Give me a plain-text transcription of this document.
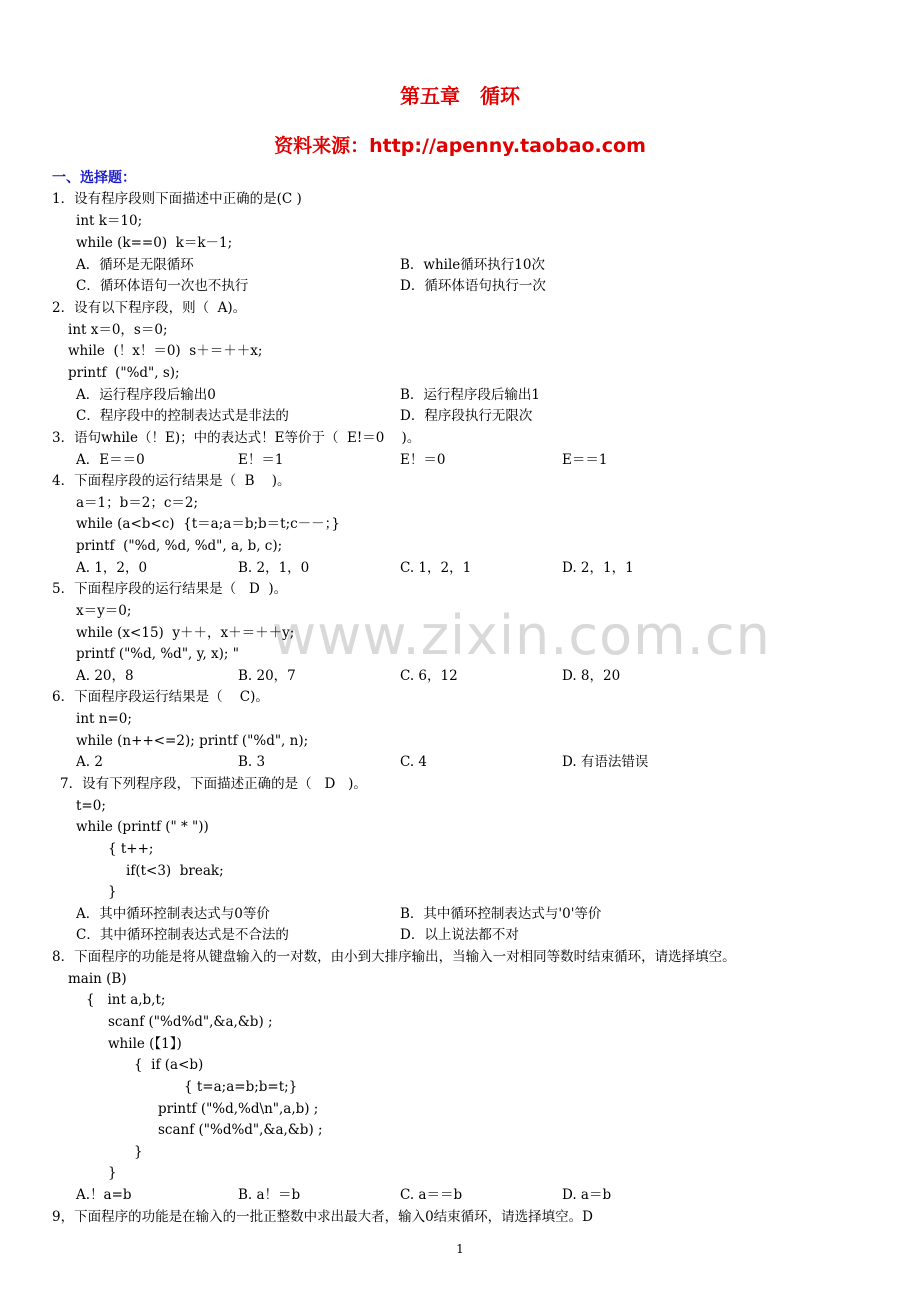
第五章　循环
资料来源：http://apenny.taobao.com
一、选择题：
www.zixin.com.cn
1．设有程序段则下面描述中正确的是(C )
int k＝10;
while (k==0)  k＝k－1;
A．循环是无限循环	B．while循环执行10次
C．循环体语句一次也不执行	D．循环体语句执行一次
2．设有以下程序段，则（  A)。
int x＝0，s＝0;
while  (！x！＝0)  s＋＝＋＋x;
printf  ("%d", s);
A．运行程序段后输出0	B．运行程序段后输出1
C．程序段中的控制表达式是非法的	D．程序段执行无限次
3．语句while（！E)；中的表达式！E等价于（  E!＝0    )。
A．E＝＝0	E！＝1	E！＝0	E＝＝1
4．下面程序段的运行结果是（  B    )。
a＝1；b＝2；c＝2;
while (a<b<c)  {t＝a;a＝b;b＝t;c－－；}
printf  ("%d, %d, %d", a, b, c);
A. 1，2，0	B. 2，1，0	C. 1，2，1	D. 2，1，1
5．下面程序段的运行结果是（   D  )。
x＝y＝0;
while (x<15)  y＋＋，x＋＝＋＋y;
printf ("%d, %d", y, x); "
A. 20，8	B. 20，7	C. 6，12	D. 8，20
6．下面程序段运行结果是（    C)。
int n=0;
while (n++<=2); printf ("%d", n);
A. 2	B. 3	C. 4	D. 有语法错误
7．设有下列程序段，下面描述正确的是（   D   )。
t=0;
while (printf (" * "))
{ t++;
if(t<3)  break;
}
A．其中循环控制表达式与0等价	B．其中循环控制表达式与'0'等价
C．其中循环控制表达式是不合法的	D．以上说法都不对
8．下面程序的功能是将从键盘输入的一对数，由小到大排序输出，当输入一对相同等数时结束循环，请选择填空。
main (B)
{   int a,b,t;
scanf ("%d%d",&a,&b) ;
while (【1】)
{  if (a<b)
{ t=a;a=b;b=t;}
printf ("%d,%d\n",a,b) ;
scanf ("%d%d",&a,&b) ;
}
}
A.！a=b	B. a！＝b	C. a＝＝b	D. a＝b
9，下面程序的功能是在输入的一批正整数中求出最大者，输入0结束循环，请选择填空。D
1
